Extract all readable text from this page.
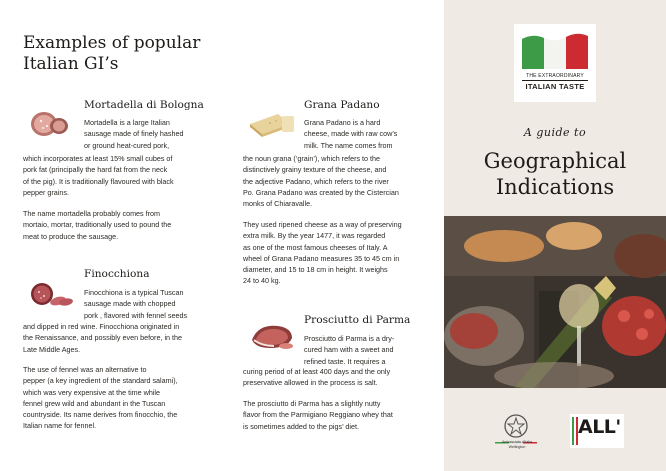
Examples of popular Italian GI’s
Mortadella di Bologna
Mortadella is a large Italian
sausage made of finely hashed
or ground heat-cured pork,
which incorporates at least 15% small cubes of
pork fat (principally the hard fat from the neck
of the pig). It is traditionally flavoured with black
pepper grains.
The name mortadella probably comes from
mortaio, mortar, traditionally used to pound the
meat to produce the sausage.
Finocchiona
Finocchiona is a typical Tuscan
sausage made with chopped
pork , flavored with fennel seeds
and dipped in red wine. Finocchiona originated in
the Renaissance, and possibly even before, in the
Late Middle Ages.
The use of fennel was an alternative to
pepper (a key ingredient of the standard salami),
which was very expensive at the time while
fennel grew wild and abundant in the Tuscan
countryside. Its name derives from finocchio, the
Italian name for fennel.
Grana Padano
Grana Padano is a hard
cheese, made with raw cow’s
milk. The name comes from
the noun grana (‘grain’), which refers to the
distinctively grainy texture of the cheese, and
the adjective Padano, which refers to the river
Po. Grana Padano was created by the Cistercian
monks of Chiaravalle.
They used ripened cheese as a way of preserving
extra milk. By the year 1477, it was regarded
as one of the most famous cheeses of Italy. A
wheel of Grana Padano measures 35 to 45 cm in
diameter, and 15 to 18 cm in height. It weighs
24 to 40 kg.
Prosciutto di Parma
Prosciutto di Parma is a dry-
cured ham with a sweet and
refined taste. It requires a
curing period of at least 400 days and the only
preservative allowed in the process is salt.
The prosciutto di Parma has a slightly nutty
flavor from the Parmigiano Reggiano whey that
is sometimes added to the pigs’ diet.
THE EXTRAORDINARY
ITALIAN TASTE
A guide to
Geographical
Indications
Ambasciata d'Italia
Wellington
ALL'
